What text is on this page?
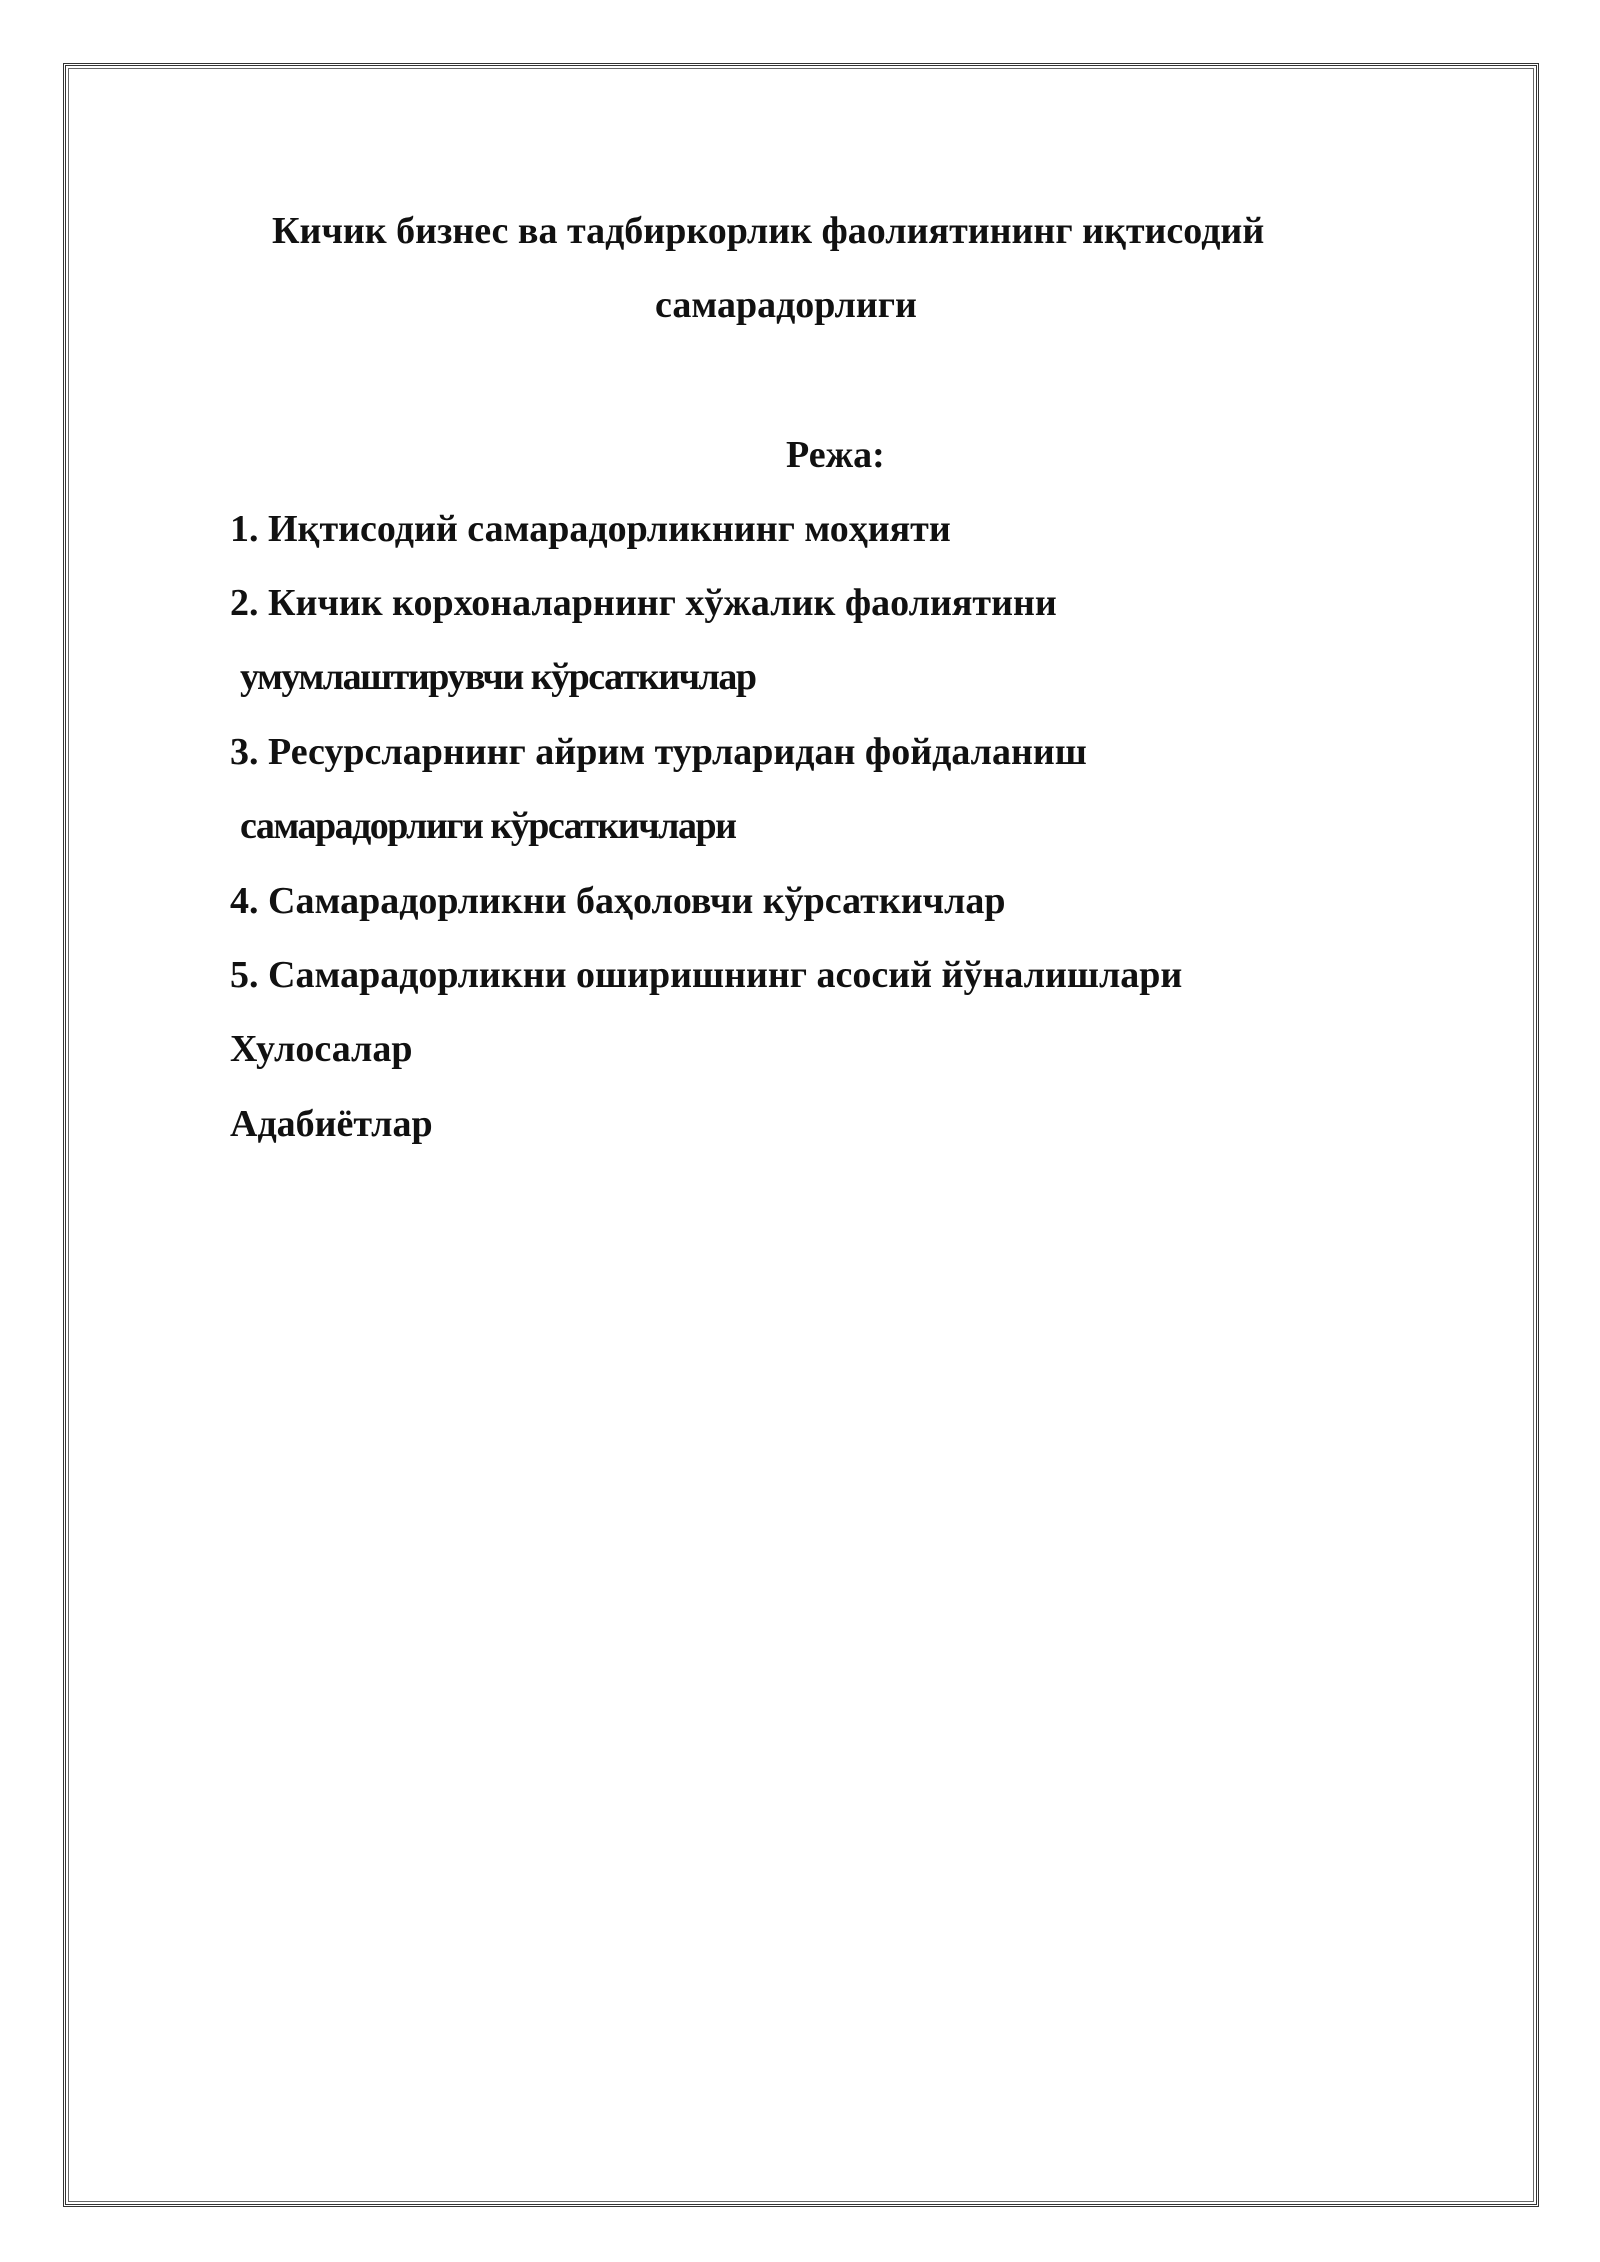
Кичик бизнес ва тадбиркорлик фаолиятининг иқтисодий
самарадорлиги
Режа:
1. Иқтисодий самарадорликнинг моҳияти
2. Кичик корхоналарнинг хўжалик фаолиятини
умумлаштирувчи кўрсаткичлар
3. Ресурсларнинг айрим турларидан фойдаланиш
самарадорлиги кўрсаткичлари
4. Самарадорликни баҳоловчи кўрсаткичлар
5. Самарадорликни оширишнинг асосий йўналишлари
Хулосалар
Адабиётлар
